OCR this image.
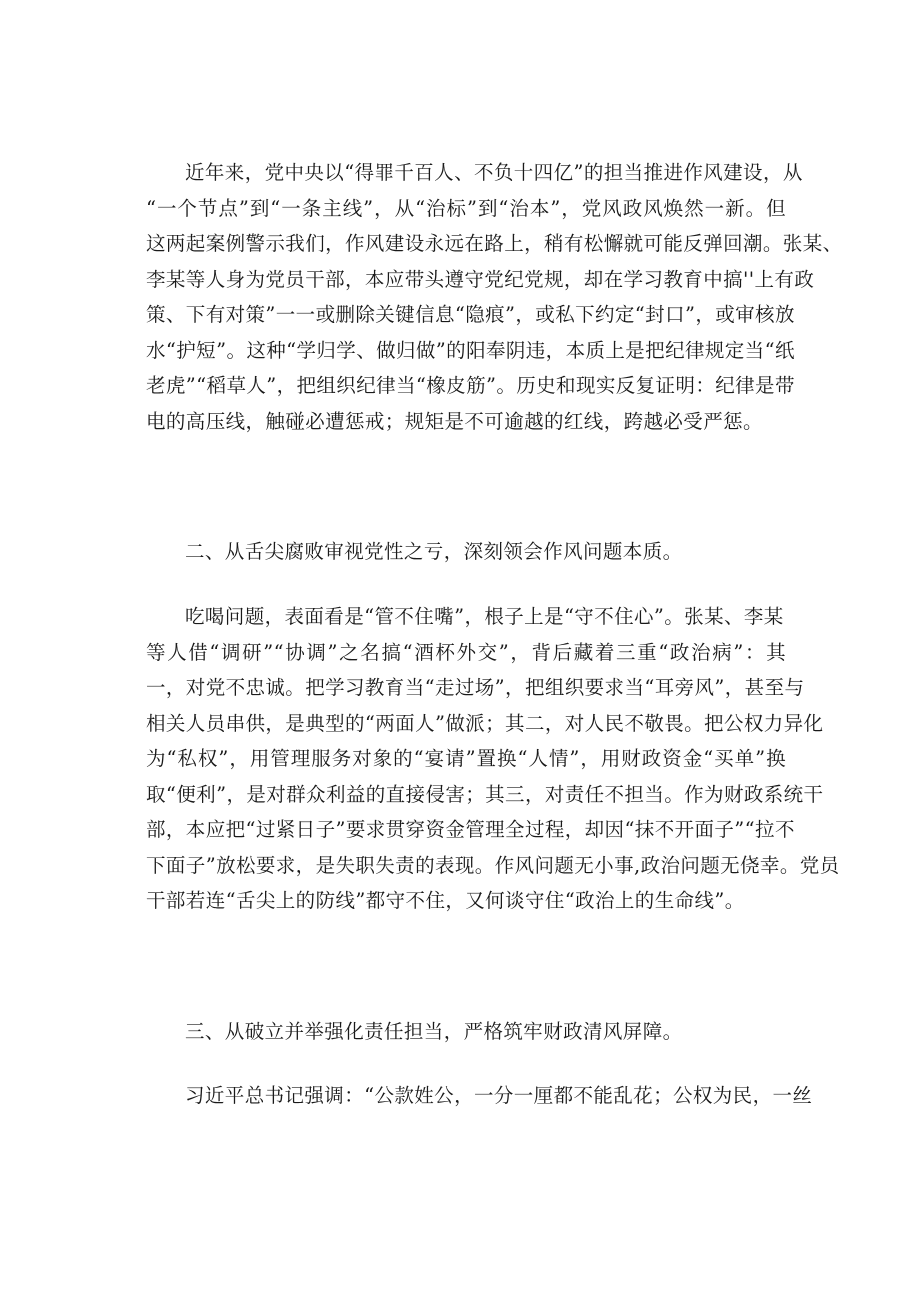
近年来，党中央以“得罪千百人、不负十四亿”的担当推进作风建设，从
“一个节点”到“一条主线”，从“治标”到“治本”，党风政风焕然一新。但
这两起案例警示我们，作风建设永远在路上，稍有松懈就可能反弹回潮。张某、
李某等人身为党员干部，本应带头遵守党纪党规，却在学习教育中搞''上有政
策、下有对策”一一或删除关键信息“隐痕”，或私下约定“封口”，或审核放
水“护短”。这种“学归学、做归做”的阳奉阴违，本质上是把纪律规定当“纸
老虎”“稻草人”，把组织纪律当“橡皮筋”。历史和现实反复证明：纪律是带
电的高压线，触碰必遭惩戒；规矩是不可逾越的红线，跨越必受严惩。
二、从舌尖腐败审视党性之亏，深刻领会作风问题本质。
吃喝问题，表面看是“管不住嘴”，根子上是“守不住心”。张某、李某
等人借“调研”“协调”之名搞“酒杯外交”，背后藏着三重“政治病”：其
一，对党不忠诚。把学习教育当“走过场”，把组织要求当“耳旁风”，甚至与
相关人员串供，是典型的“两面人”做派；其二，对人民不敬畏。把公权力异化
为“私权”，用管理服务对象的“宴请”置换“人情”，用财政资金“买单”换
取“便利”，是对群众利益的直接侵害；其三，对责任不担当。作为财政系统干
部，本应把“过紧日子”要求贯穿资金管理全过程，却因“抹不开面子”“拉不
下面子”放松要求，是失职失责的表现。作风问题无小事,政治问题无侥幸。党员
干部若连“舌尖上的防线”都守不住，又何谈守住“政治上的生命线”。
三、从破立并举强化责任担当，严格筑牢财政清风屏障。
习近平总书记强调：“公款姓公，一分一厘都不能乱花；公权为民，一丝
